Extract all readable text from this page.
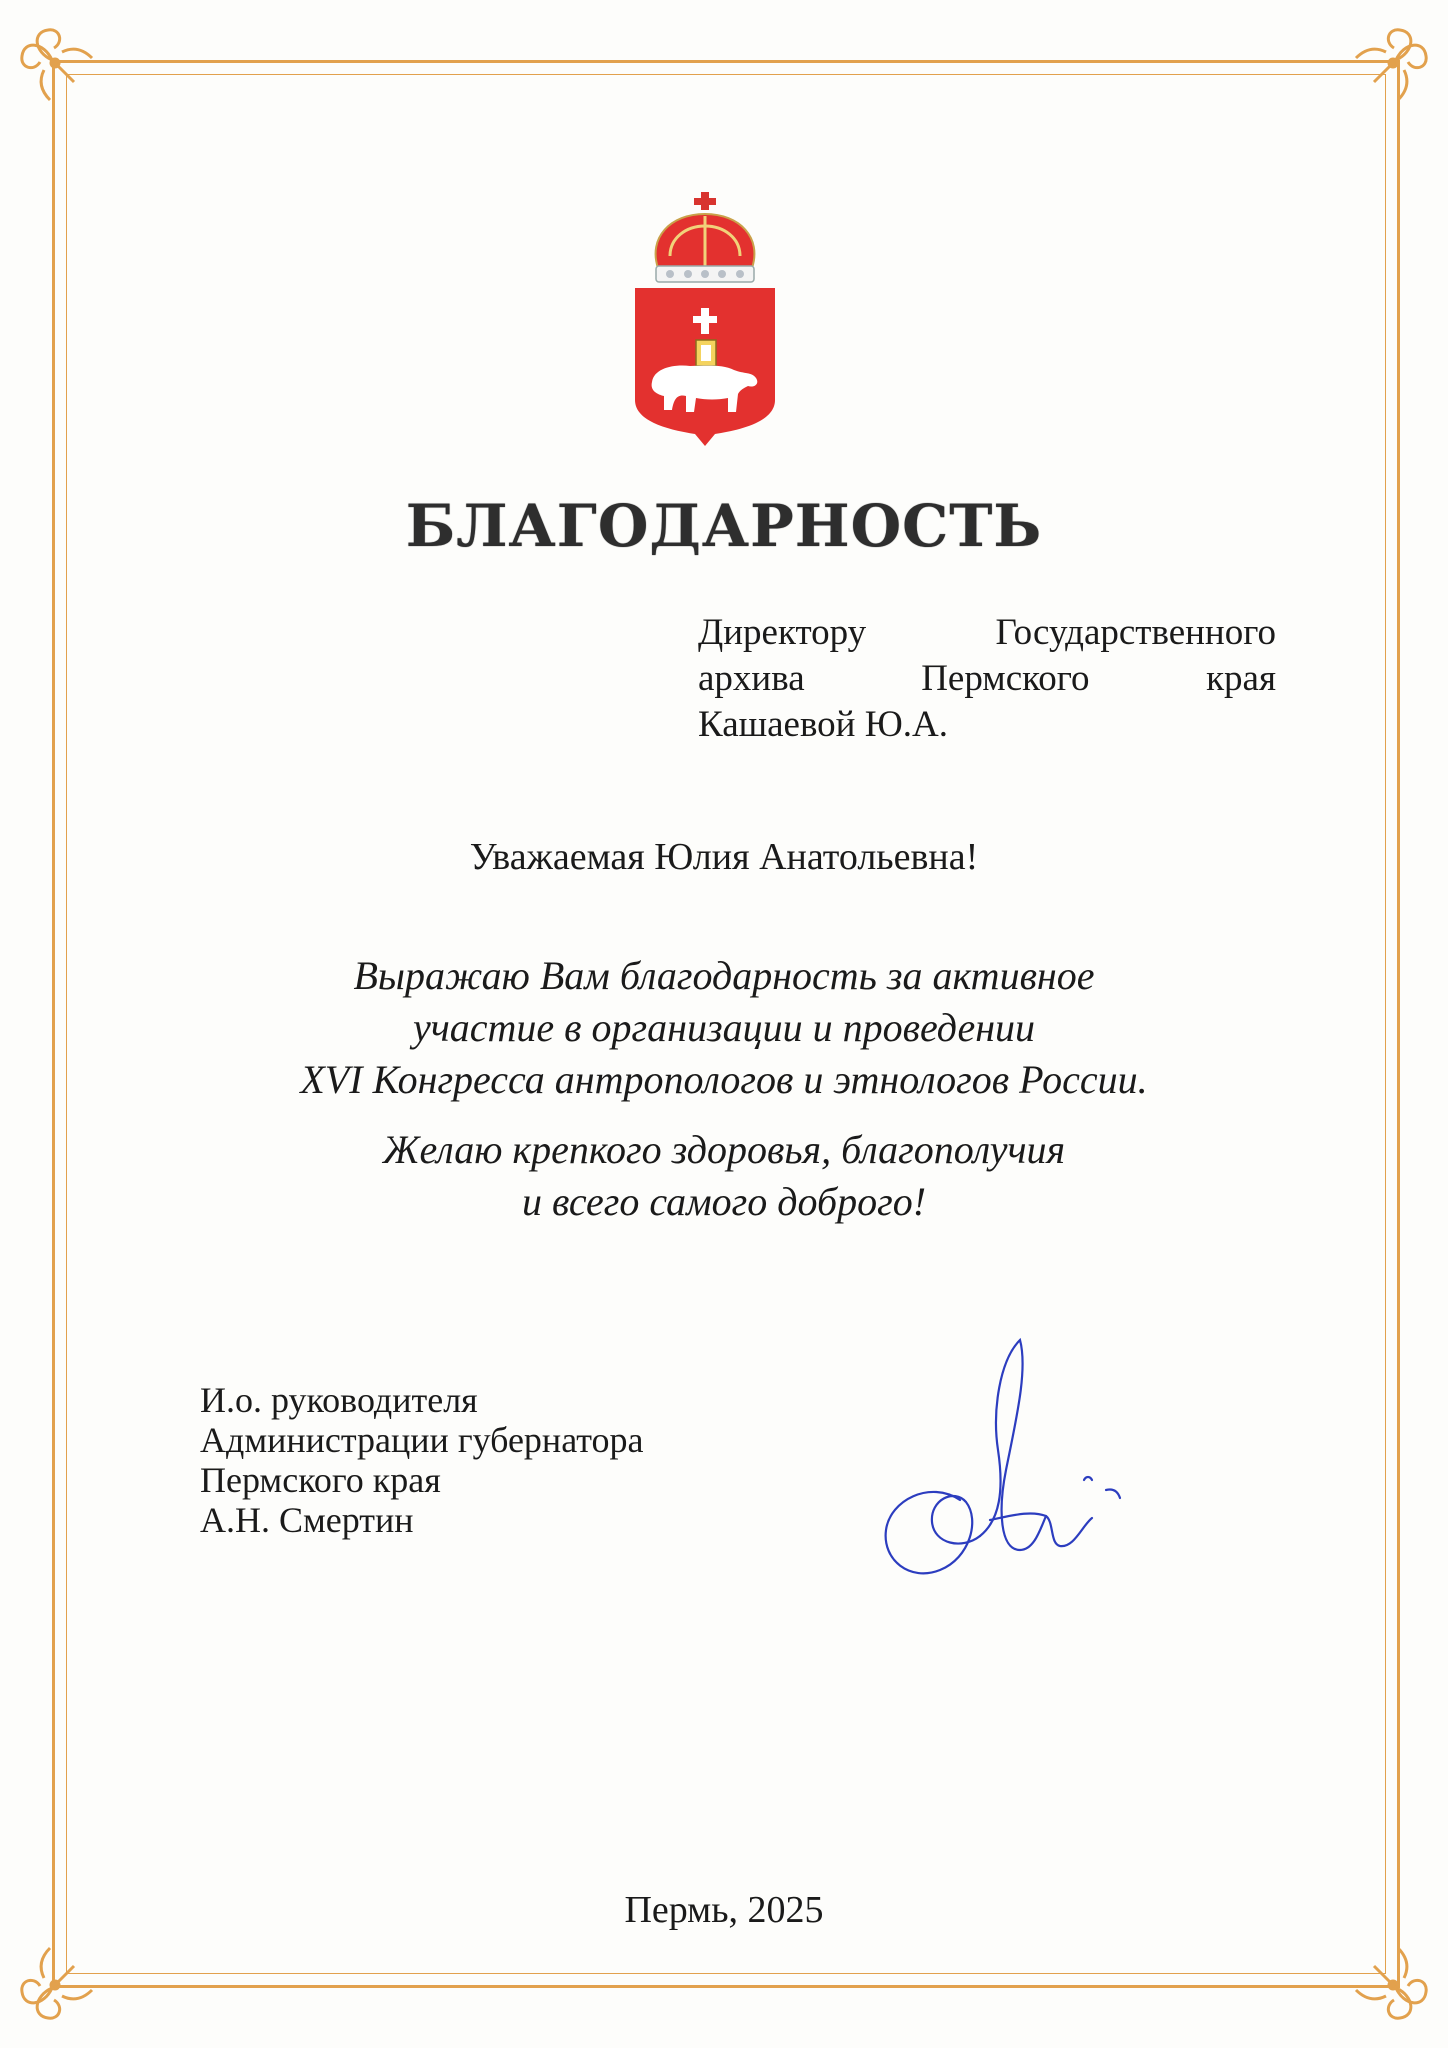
БЛАГОДАРНОСТЬ
Директору Государственного
архива Пермского края
Кашаевой Ю.А.
Уважаемая Юлия Анатольевна!
Выражаю Вам благодарность за активное
участие в организации и проведении
XVI Конгресса антропологов и этнологов России.
Желаю крепкого здоровья, благополучия
и всего самого доброго!
И.о. руководителя
Администрации губернатора
Пермского края
А.Н. Смертин
Пермь, 2025
